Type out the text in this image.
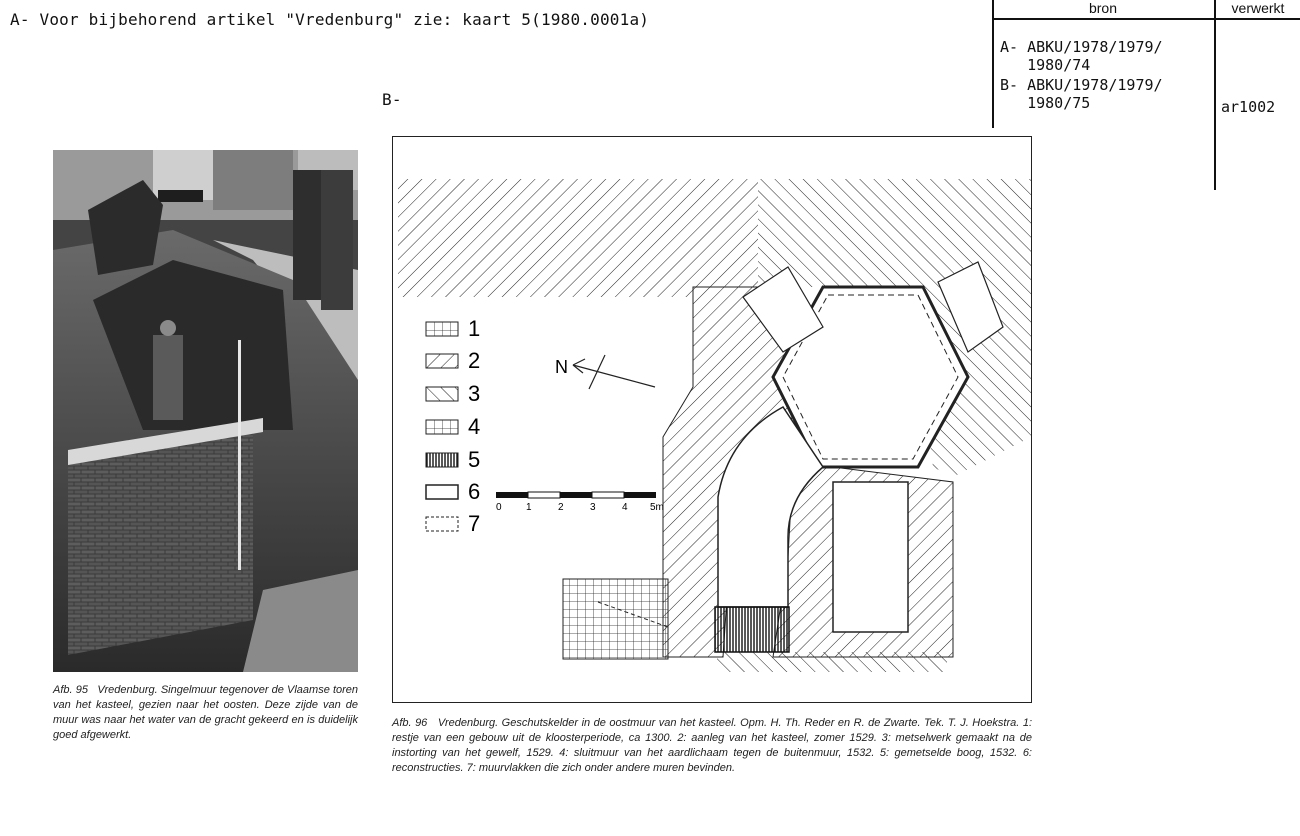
A- Voor bijbehorend artikel "Vredenburg" zie: kaart 5(1980.0001a)
B-
bron	verwerkt
A- ABKU/1978/1979/
1980/74
B- ABKU/1978/1979/
1980/75	ar1002
Afb. 95 Vredenburg. Singelmuur tegenover de Vlaamse toren van het kasteel, gezien naar het oosten. Deze zijde van de muur was naar het water van de gracht gekeerd en is duidelijk goed afgewerkt.
N
1
2
3
4
5
6
7
0 1	2	3	4 5m
Afb. 96 Vredenburg. Geschutskelder in de oostmuur van het kasteel. Opm. H. Th. Reder en R. de Zwarte. Tek. T. J. Hoekstra. 1: restje van een gebouw uit de kloosterperiode, ca 1300. 2: aanleg van het kasteel, zomer 1529. 3: metselwerk gemaakt na de instorting van het gewelf, 1529. 4: sluitmuur van het aardlichaam tegen de buitenmuur, 1532. 5: gemetselde boog, 1532. 6: reconstructies. 7: muurvlakken die zich onder andere muren bevinden.
